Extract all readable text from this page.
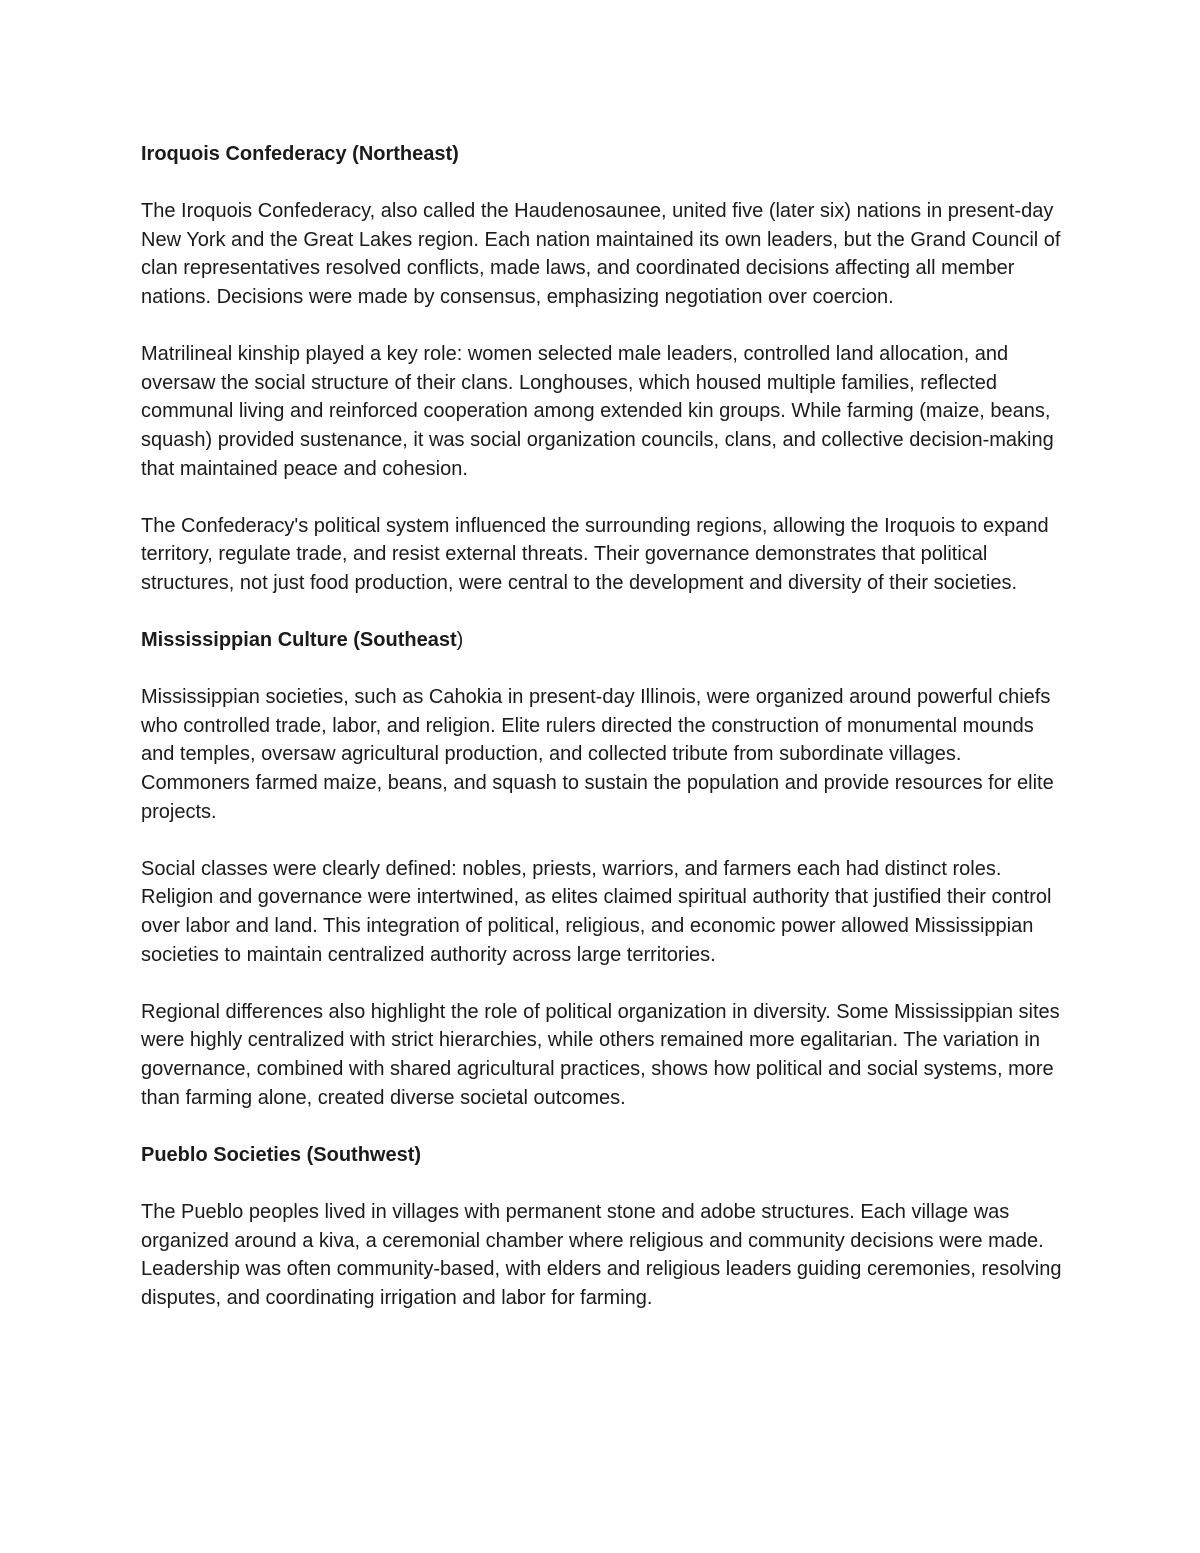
Iroquois Confederacy (Northeast)

The Iroquois Confederacy, also called the Haudenosaunee, united five (later six) nations in present-day New York and the Great Lakes region. Each nation maintained its own leaders, but the Grand Council of clan representatives resolved conflicts, made laws, and coordinated decisions affecting all member nations. Decisions were made by consensus, emphasizing negotiation over coercion.

Matrilineal kinship played a key role: women selected male leaders, controlled land allocation, and oversaw the social structure of their clans. Longhouses, which housed multiple families, reflected communal living and reinforced cooperation among extended kin groups. While farming (maize, beans, squash) provided sustenance, it was social organization councils, clans, and collective decision-making that maintained peace and cohesion.

The Confederacy's political system influenced the surrounding regions, allowing the Iroquois to expand territory, regulate trade, and resist external threats. Their governance demonstrates that political structures, not just food production, were central to the development and diversity of their societies.

Mississippian Culture (Southeast)

Mississippian societies, such as Cahokia in present-day Illinois, were organized around powerful chiefs who controlled trade, labor, and religion. Elite rulers directed the construction of monumental mounds and temples, oversaw agricultural production, and collected tribute from subordinate villages. Commoners farmed maize, beans, and squash to sustain the population and provide resources for elite projects.

Social classes were clearly defined: nobles, priests, warriors, and farmers each had distinct roles. Religion and governance were intertwined, as elites claimed spiritual authority that justified their control over labor and land. This integration of political, religious, and economic power allowed Mississippian societies to maintain centralized authority across large territories.

Regional differences also highlight the role of political organization in diversity. Some Mississippian sites were highly centralized with strict hierarchies, while others remained more egalitarian. The variation in governance, combined with shared agricultural practices, shows how political and social systems, more than farming alone, created diverse societal outcomes.

Pueblo Societies (Southwest)

The Pueblo peoples lived in villages with permanent stone and adobe structures. Each village was organized around a kiva, a ceremonial chamber where religious and community decisions were made. Leadership was often community-based, with elders and religious leaders guiding ceremonies, resolving disputes, and coordinating irrigation and labor for farming.
